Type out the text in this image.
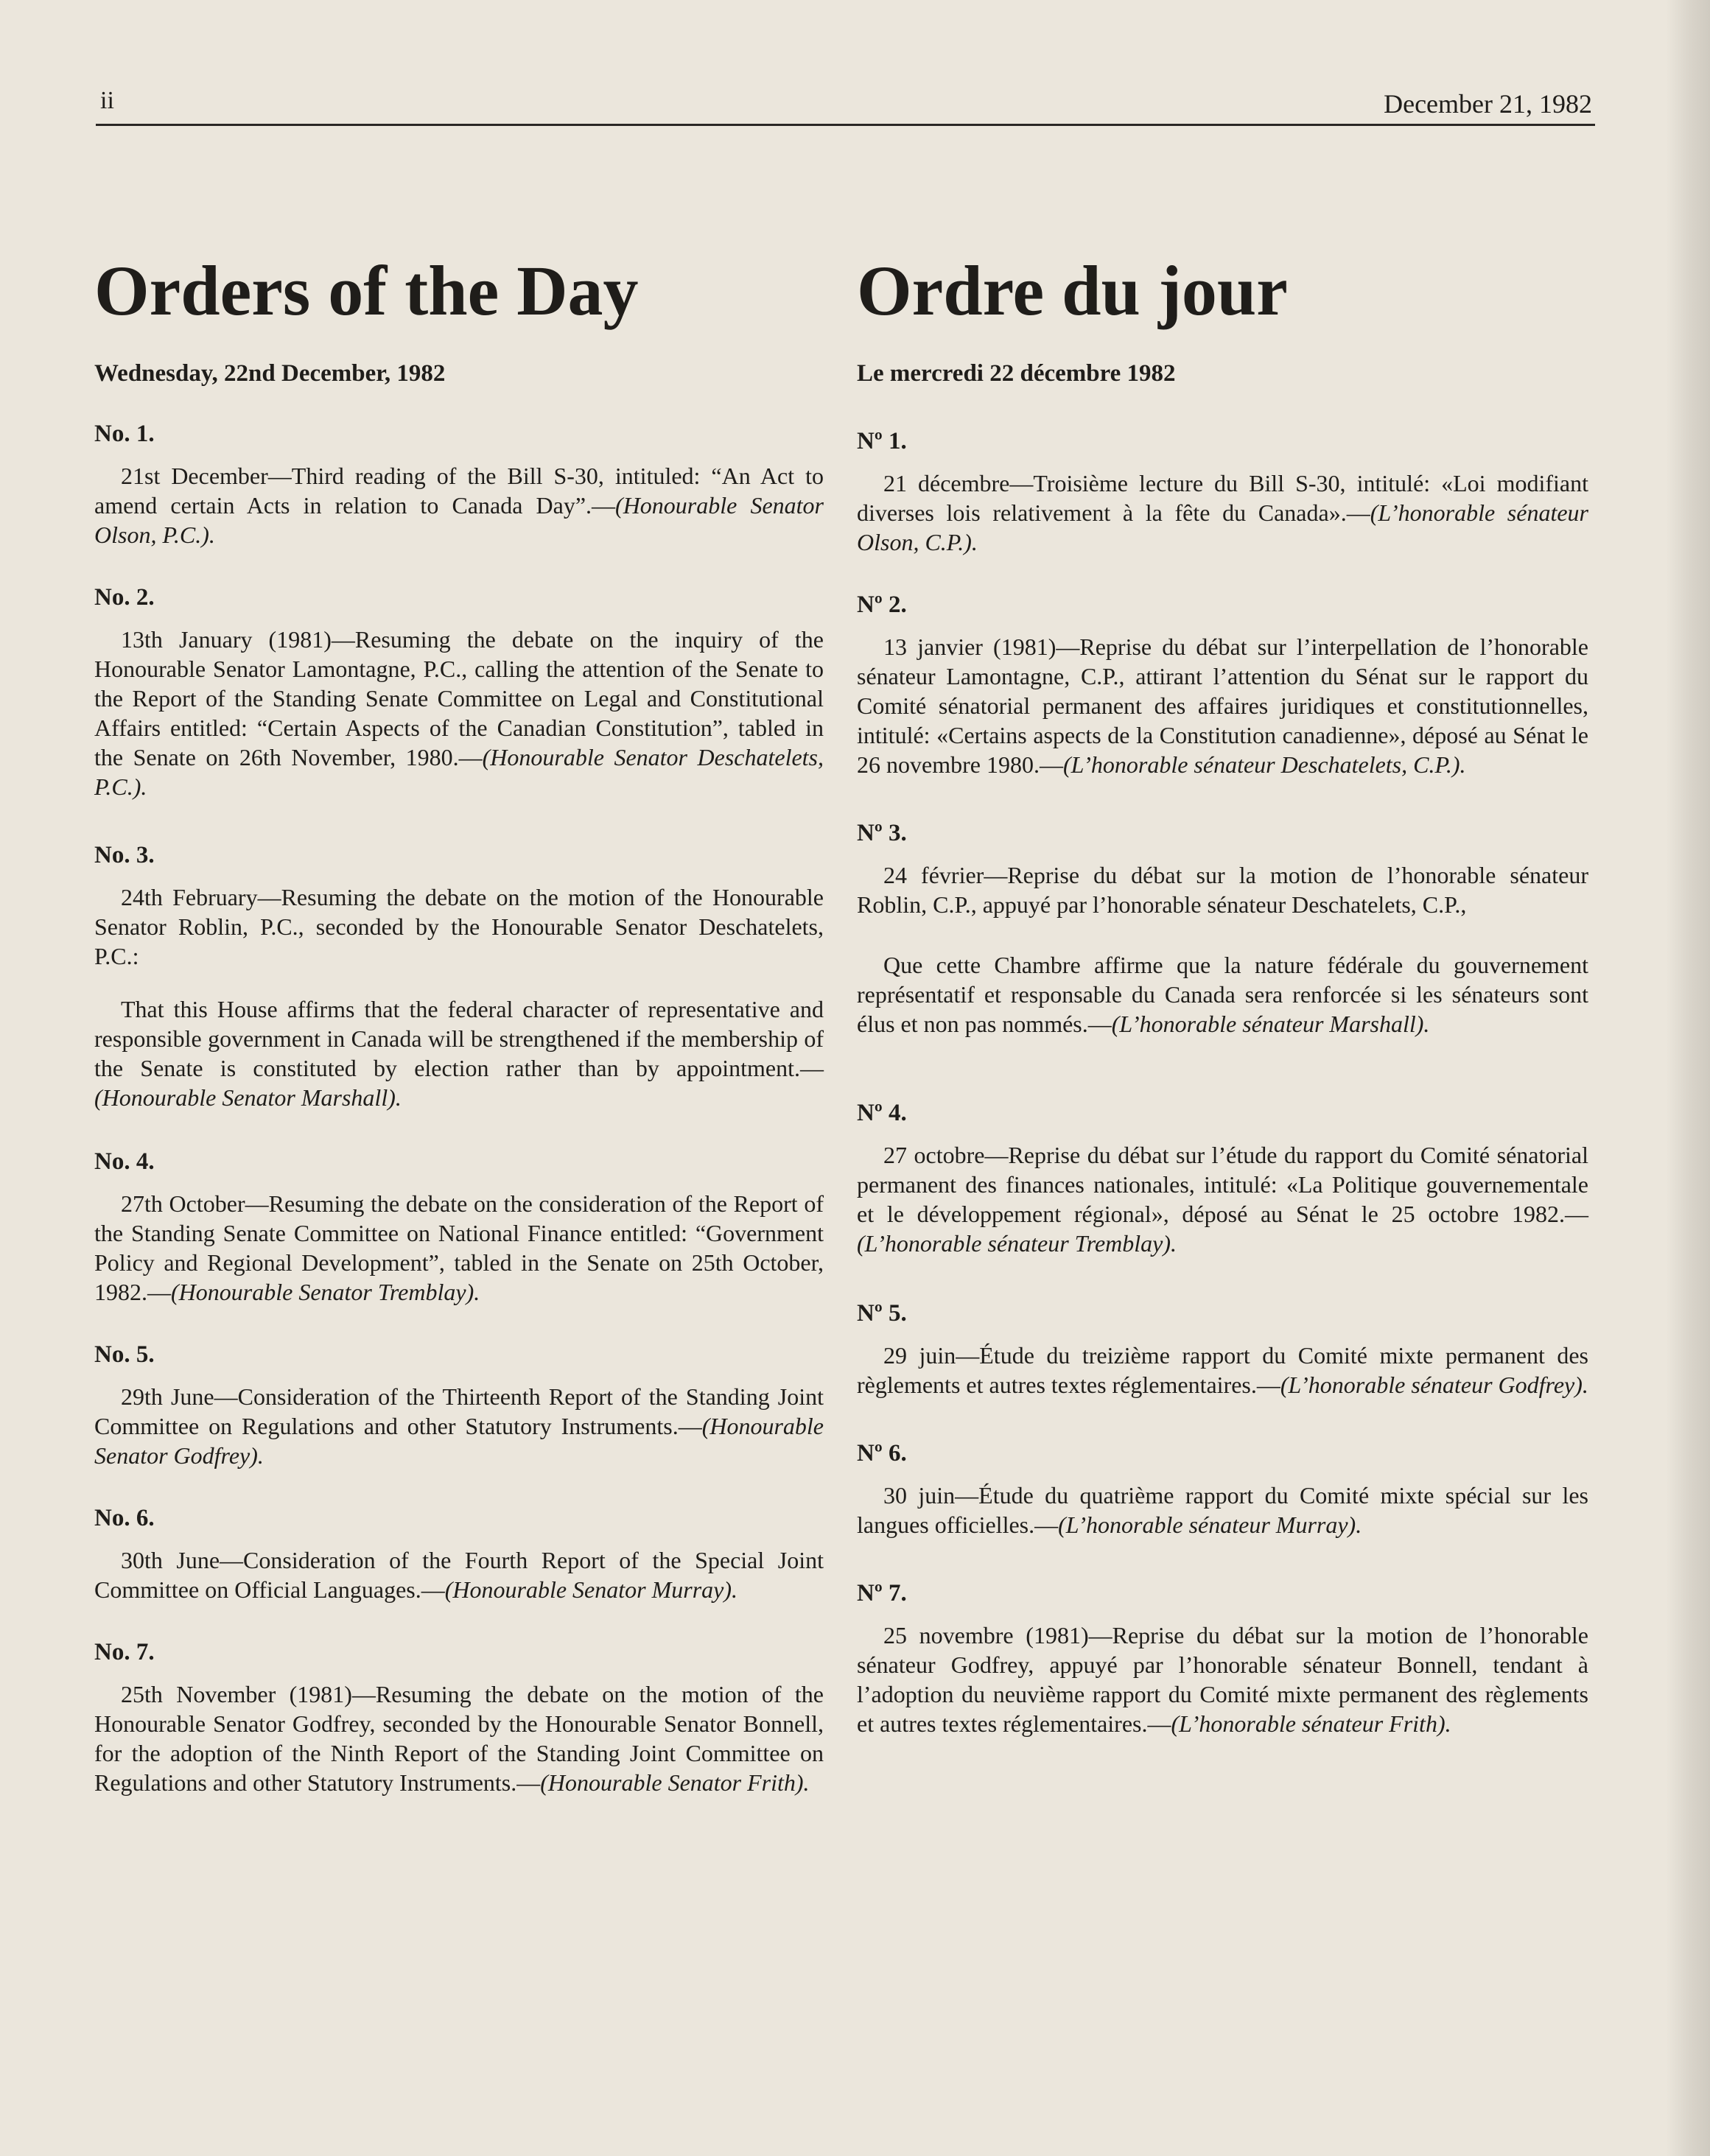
ii	December 21, 1982
Orders of the Day
Wednesday, 22nd December, 1982
No. 1.
21st December—Third reading of the Bill S-30, intituled: “An Act to amend certain Acts in relation to Canada Day”.—(Honourable Senator Olson, P.C.).
No. 2.
13th January (1981)—Resuming the debate on the inquiry of the Honourable Senator Lamontagne, P.C., calling the attention of the Senate to the Report of the Standing Senate Committee on Legal and Constitutional Affairs entitled: “Certain Aspects of the Canadian Constitution”, tabled in the Senate on 26th November, 1980.—(Honourable Senator Deschatelets, P.C.).
No. 3.
24th February—Resuming the debate on the motion of the Honourable Senator Roblin, P.C., seconded by the Honourable Senator Deschatelets, P.C.:
That this House affirms that the federal character of representative and responsible government in Canada will be strengthened if the membership of the Senate is constituted by election rather than by appointment.—(Honourable Senator Marshall).
No. 4.
27th October—Resuming the debate on the consideration of the Report of the Standing Senate Committee on National Finance entitled: “Government Policy and Regional Development”, tabled in the Senate on 25th October, 1982.—(Honourable Senator Tremblay).
No. 5.
29th June—Consideration of the Thirteenth Report of the Standing Joint Committee on Regulations and other Statutory Instruments.—(Honourable Senator Godfrey).
No. 6.
30th June—Consideration of the Fourth Report of the Special Joint Committee on Official Languages.—(Honourable Senator Murray).
No. 7.
25th November (1981)—Resuming the debate on the motion of the Honourable Senator Godfrey, seconded by the Honourable Senator Bonnell, for the adoption of the Ninth Report of the Standing Joint Committee on Regulations and other Statutory Instruments.—(Honourable Senator Frith).
Ordre du jour
Le mercredi 22 décembre 1982
Nº 1.
21 décembre—Troisième lecture du Bill S-30, intitulé: «Loi modifiant diverses lois relativement à la fête du Canada».—(L’honorable sénateur Olson, C.P.).
Nº 2.
13 janvier (1981)—Reprise du débat sur l’interpellation de l’honorable sénateur Lamontagne, C.P., attirant l’attention du Sénat sur le rapport du Comité sénatorial permanent des affaires juridiques et constitutionnelles, intitulé: «Certains aspects de la Constitution canadienne», déposé au Sénat le 26 novembre 1980.—(L’honorable sénateur Deschatelets, C.P.).
Nº 3.
24 février—Reprise du débat sur la motion de l’honorable sénateur Roblin, C.P., appuyé par l’honorable sénateur Deschatelets, C.P.,
Que cette Chambre affirme que la nature fédérale du gouvernement représentatif et responsable du Canada sera renforcée si les sénateurs sont élus et non pas nommés.—(L’honorable sénateur Marshall).
Nº 4.
27 octobre—Reprise du débat sur l’étude du rapport du Comité sénatorial permanent des finances nationales, intitulé: «La Politique gouvernementale et le développement régional», déposé au Sénat le 25 octobre 1982.—(L’honorable sénateur Tremblay).
Nº 5.
29 juin—Étude du treizième rapport du Comité mixte permanent des règlements et autres textes réglementaires.—(L’honorable sénateur Godfrey).
Nº 6.
30 juin—Étude du quatrième rapport du Comité mixte spécial sur les langues officielles.—(L’honorable sénateur Murray).
Nº 7.
25 novembre (1981)—Reprise du débat sur la motion de l’honorable sénateur Godfrey, appuyé par l’honorable sénateur Bonnell, tendant à l’adoption du neuvième rapport du Comité mixte permanent des règlements et autres textes réglementaires.—(L’honorable sénateur Frith).
